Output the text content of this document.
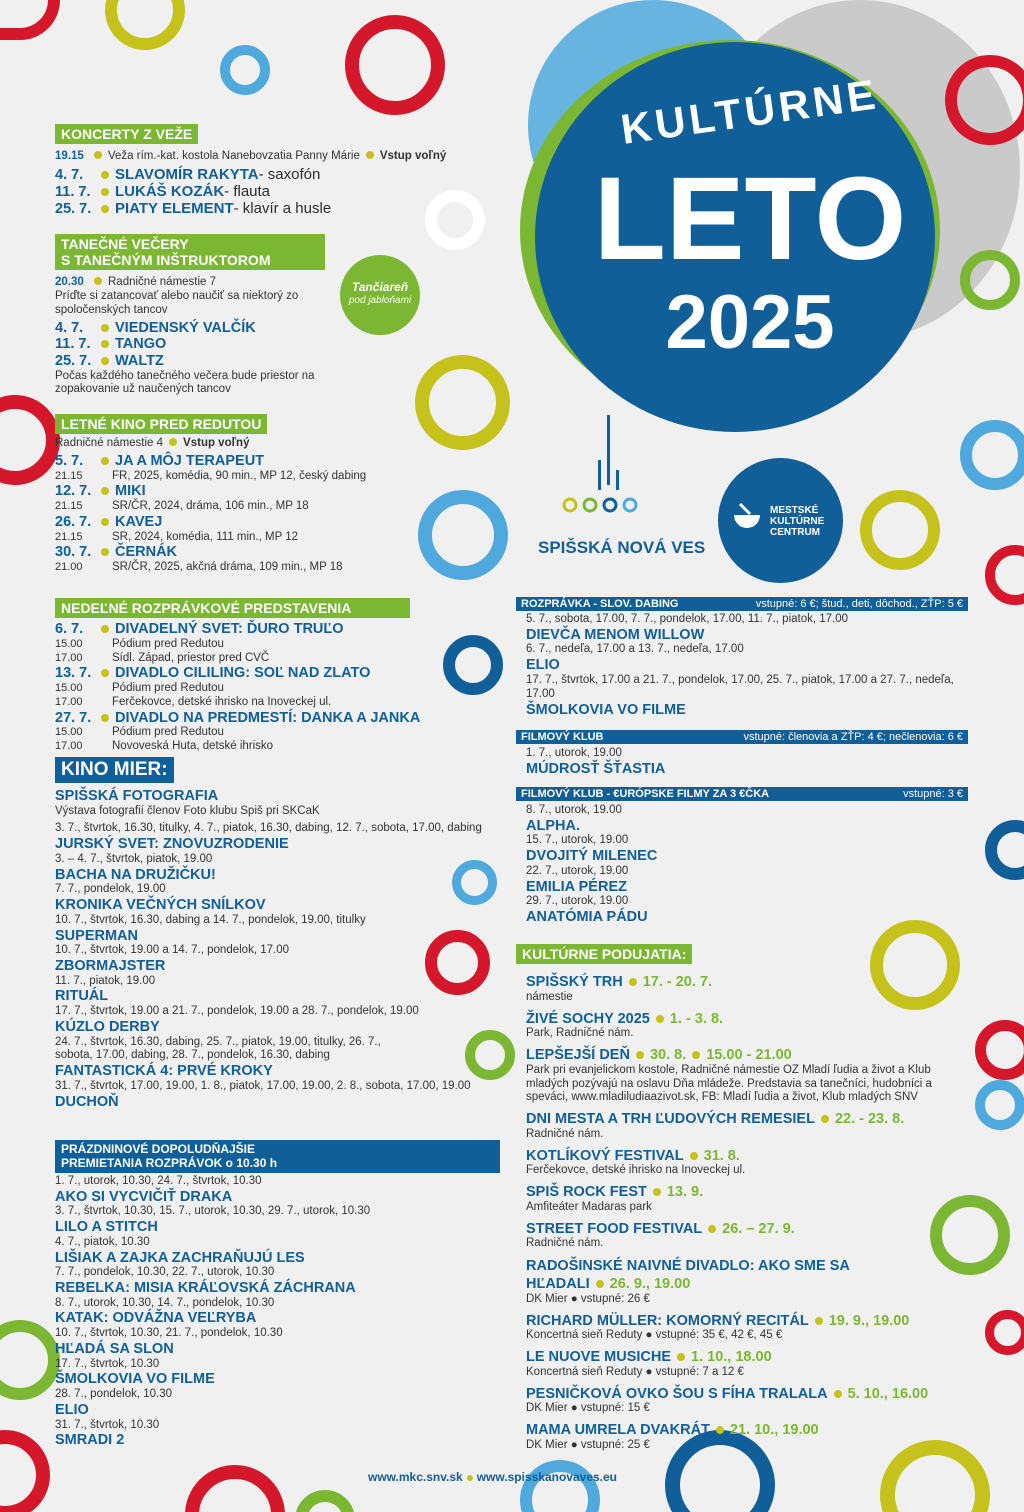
KULTÚRNE
LETO
2025
SPIŠSKÁ NOVÁ VES
MESTSKÉ KULTÚRNE CENTRUM
Tančiareň
pod jabloňami
KONCERTY Z VEŽE
19.15	Veža rím.-kat. kostola Nanebovzatia Panny Márie Vstup voľný
4. 7.	SLAVOMÍR RAKYTA - saxofón
11. 7.	LUKÁŠ KOZÁK - flauta
25. 7. PIATY ELEMENT - klavír a husle
TANEČNÉ VEČERY
S TANEČNÝM INŠTRUKTOROM
20.30	Radničné námestie 7
Príďte si zatancovať alebo naučiť sa niektorý zo spoločenských tancov
4. 7.	VIEDENSKÝ VALČÍK
11. 7.	TANGO
25. 7. WALTZ
Počas každého tanečného večera bude priestor na zopakovanie už naučených tancov
LETNÉ KINO PRED REDUTOU
Radničné námestie 4 Vstup voľný
5. 7.	JA A MÔJ TERAPEUT
21.15	FR, 2025, komédia, 90 min., MP 12, český dabing
12. 7. MIKI
21.15	SR/ČR, 2024, dráma, 106 min., MP 18
26. 7. KAVEJ
21.15	SR, 2024, komédia, 111 min., MP 12
30. 7. ČERNÁK
21.00	SR/ČR, 2025, akčná dráma, 109 min., MP 18
NEDEĽNÉ ROZPRÁVKOVÉ PREDSTAVENIA
6. 7.	DIVADELNÝ SVET: ĎURO TRUĽO
15.00	Pódium pred Redutou
17.00	Sídl. Západ, priestor pred CVČ
13. 7. DIVADLO CILILING: SOĽ NAD ZLATO
15.00	Pódium pred Redutou
17.00	Ferčekovce, detské ihrisko na Inoveckej ul.
27. 7. DIVADLO NA PREDMESTÍ: DANKA A JANKA
15.00	Pódium pred Redutou
17.00	Novoveská Huta, detské ihrisko
KINO MIER:
SPIŠSKÁ FOTOGRAFIA
Výstava fotografií členov Foto klubu Spiš pri SKCaK
3. 7., štvrtok, 16.30, titulky, 4. 7., piatok, 16.30, dabing, 12. 7., sobota, 17.00, dabing
JURSKÝ SVET: ZNOVUZRODENIE
3. – 4. 7., štvrtok, piatok, 19.00
BACHA NA DRUŽIČKU!
7. 7., pondelok, 19.00
KRONIKA VEČNÝCH SNÍLKOV
10. 7., štvrtok, 16.30, dabing a 14. 7., pondelok, 19.00, titulky
SUPERMAN
10. 7., štvrtok, 19.00 a 14. 7., pondelok, 17.00
ZBORMAJSTER
11. 7., piatok, 19.00
RITUÁL
17. 7., štvrtok, 19.00 a 21. 7., pondelok, 19.00 a 28. 7., pondelok, 19.00
KÚZLO DERBY
24. 7., štvrtok, 16.30, dabing, 25. 7., piatok, 19.00, titulky, 26. 7., sobota, 17.00, dabing, 28. 7., pondelok, 16.30, dabing
FANTASTICKÁ 4: PRVÉ KROKY
31. 7., štvrtok, 17.00, 19.00, 1. 8., piatok, 17.00, 19.00, 2. 8., sobota, 17.00, 19.00
DUCHOŇ
PRÁZDNINOVÉ DOPOLUDŇAJŠIE
PREMIETANIA ROZPRÁVOK o 10.30 h
1. 7., utorok, 10.30, 24. 7., štvrtok, 10.30
AKO SI VYCVIČIŤ DRAKA
3. 7., štvrtok, 10.30, 15. 7., utorok, 10.30, 29. 7., utorok, 10.30
LILO A STITCH
4. 7., piatok, 10.30
LIŠIAK A ZAJKA ZACHRAŇUJÚ LES
7. 7., pondelok, 10.30, 22. 7., utorok, 10.30
REBELKA: MISIA KRÁĽOVSKÁ ZÁCHRANA
8. 7., utorok, 10.30, 14. 7., pondelok, 10.30
KATAK: ODVÁŽNA VEĽRYBA
10. 7., štvrtok, 10.30, 21. 7., pondelok, 10.30
HĽADÁ SA SLON
17. 7., štvrtok, 10.30
ŠMOLKOVIA VO FILME
28. 7., pondelok, 10.30
ELIO
31. 7., štvrtok, 10.30
SMRADI 2
ROZPRÁVKA - SLOV. DABING	vstupné: 6 €; štud., deti, dôchod., ZŤP: 5 €
5. 7., sobota, 17.00, 7. 7., pondelok, 17.00, 11. 7., piatok, 17.00
DIEVČA MENOM WILLOW
6. 7., nedeľa, 17.00 a 13. 7., nedeľa, 17.00
ELIO
17. 7., štvrtok, 17.00 a 21. 7., pondelok, 17.00, 25. 7., piatok, 17.00 a 27. 7., nedeľa, 17.00
ŠMOLKOVIA VO FILME
FILMOVÝ KLUB	vstupné: členovia a ZŤP: 4 €; nečlenovia: 6 €
1. 7., utorok, 19.00
MÚDROSŤ ŠŤASTIA
FILMOVÝ KLUB - €URÓPSKE FILMY ZA 3 €ČKA	vstupné: 3 €
8. 7., utorok, 19.00
ALPHA.
15. 7., utorok, 19.00
DVOJITÝ MILENEC
22. 7., utorok, 19.00
EMILIA PÉREZ
29. 7., utorok, 19.00
ANATÓMIA PÁDU
KULTÚRNE PODUJATIA:
SPIŠSKÝ TRH 17. - 20. 7.
námestie
ŽIVÉ SOCHY 2025 1. - 3. 8.
Park, Radničné nám.
LEPŠEJŠÍ DEŇ 30. 8. 15.00 - 21.00
Park pri evanjelickom kostole, Radničné námestie OZ Mladí ľudia a život a Klub mladých pozývajú na oslavu Dňa mládeže. Predstavia sa tanečníci, hudobníci a speváci, www.mladiludiaazivot.sk, FB: Mladí ľudia a život, Klub mladých SNV
DNI MESTA A TRH ĽUDOVÝCH REMESIEL 22. - 23. 8.
Radničné nám.
KOTLÍKOVÝ FESTIVAL 31. 8.
Ferčekovce, detské ihrisko na Inoveckej ul.
SPIŠ ROCK FEST 13. 9.
Amfiteáter Madaras park
STREET FOOD FESTIVAL 26. – 27. 9.
Radničné nám.
RADOŠINSKÉ NAIVNÉ DIVADLO: AKO SME SA HĽADALI 26. 9., 19.00
DK Mier ● vstupné: 26 €
RICHARD MÜLLER: KOMORNÝ RECITÁL 19. 9., 19.00
Koncertná sieň Reduty ● vstupné: 35 €, 42 €, 45 €
LE NUOVE MUSICHE 1. 10., 18.00
Koncertná sieň Reduty ● vstupné: 7 a 12 €
PESNIČKOVÁ OVKO ŠOU S FÍHA TRALALA 5. 10., 16.00
DK Mier ● vstupné: 15 €
MAMA UMRELA DVAKRÁT 21. 10., 19.00
DK Mier ● vstupné: 25 €
www.mkc.snv.sk www.spisskanovaves.eu
